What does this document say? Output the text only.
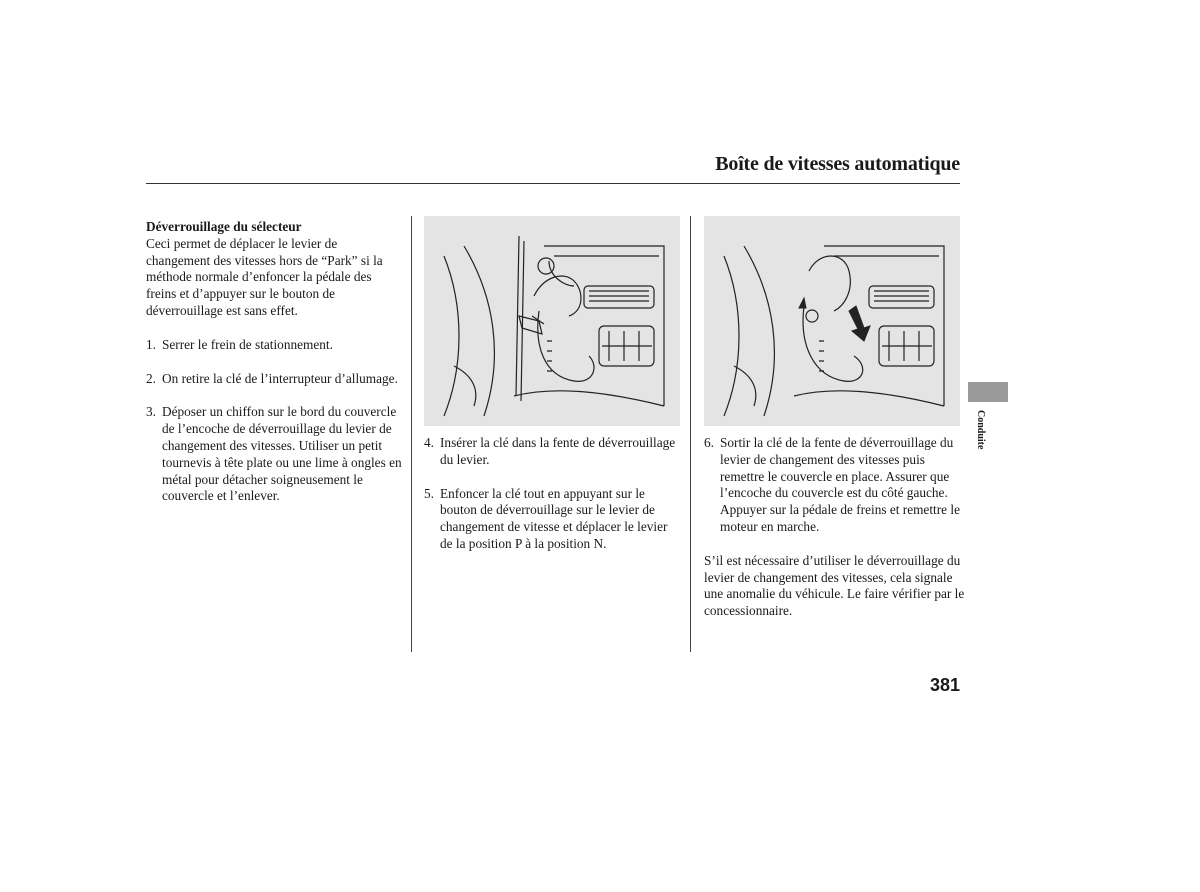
Boîte de vitesses automatique

Déverrouillage du sélecteur

Ceci permet de déplacer le levier de changement des vitesses hors de “Park” si la méthode normale d’enfoncer la pédale des freins et d’appuyer sur le bouton de déverrouillage est sans effet.

1. Serrer le frein de stationnement.
2. On retire la clé de l’interrupteur d’allumage.
3. Déposer un chiffon sur le bord du couvercle de l’encoche de déverrouillage du levier de changement des vitesses. Utiliser un petit tournevis à tête plate ou une lime à ongles en métal pour détacher soigneusement le couvercle et l’enlever.
4. Insérer la clé dans la fente de déverrouillage du levier.
5. Enfoncer la clé tout en appuyant sur le bouton de déverrouillage sur le levier de changement de vitesse et déplacer le levier de la position P à la position N.
6. Sortir la clé de la fente de déverrouillage du levier de changement des vitesses puis remettre le couvercle en place. Assurer que l’encoche du couvercle est du côté gauche. Appuyer sur la pédale de freins et remettre le moteur en marche.

S’il est nécessaire d’utiliser le déverrouillage du levier de changement des vitesses, cela signale une anomalie du véhicule. Le faire vérifier par le concessionnaire.

Conduite
381
